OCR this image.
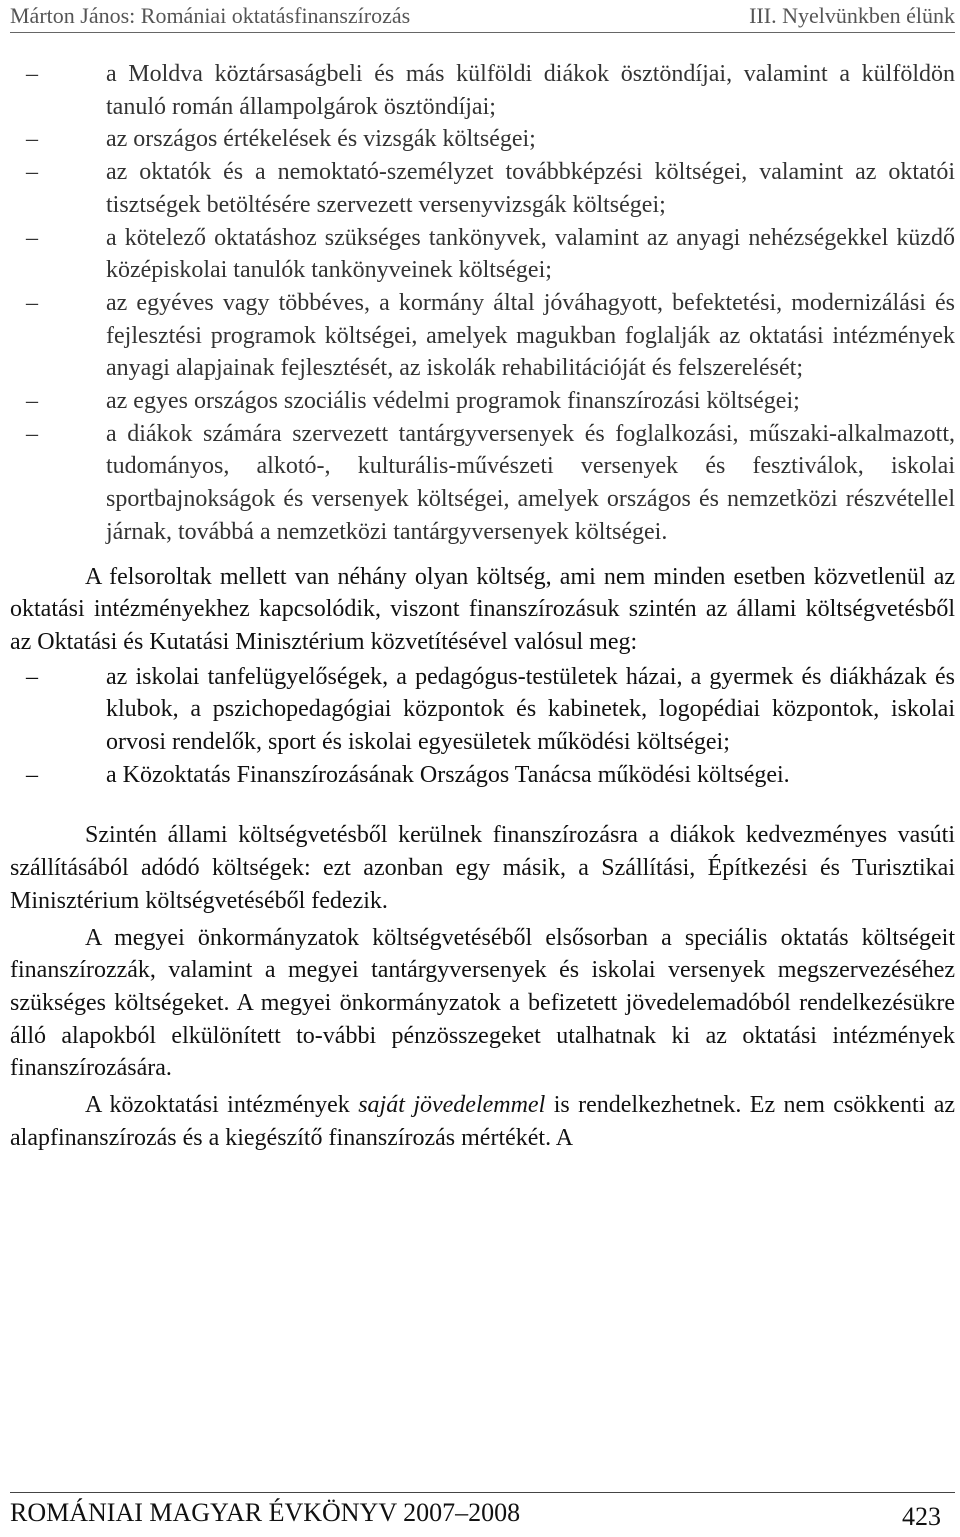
Márton János: Romániai oktatásfinanszírozás	III. Nyelvünkben élünk
–	a Moldva köztársaságbeli és más külföldi diákok ösztöndíjai, valamint a külföldön tanuló román állampolgárok ösztöndíjai;
–	az országos értékelések és vizsgák költségei;
–	az oktatók és a nemoktató-személyzet továbbképzési költségei, valamint az oktatói tisztségek betöltésére szervezett versenyvizsgák költségei;
–	a kötelező oktatáshoz szükséges tankönyvek, valamint az anyagi nehézségekkel küzdő középiskolai tanulók tankönyveinek költségei;
–	az egyéves vagy többéves, a kormány által jóváhagyott, befektetési, modernizálási és fejlesztési programok költségei, amelyek magukban foglalják az oktatási intézmények anyagi alapjainak fejlesztését, az iskolák rehabilitációját és felszerelését;
–	az egyes országos szociális védelmi programok finanszírozási költségei;
–	a diákok számára szervezett tantárgyversenyek és foglalkozási, műszaki-alkalmazott, tudományos, alkotó-, kulturális-művészeti versenyek és fesztiválok, iskolai sportbajnokságok és versenyek költségei, amelyek országos és nemzetközi részvétellel járnak, továbbá a nemzetközi tantárgyversenyek költségei.

A felsoroltak mellett van néhány olyan költség, ami nem minden esetben közvetlenül az oktatási intézményekhez kapcsolódik, viszont finanszírozásuk szintén az állami költségvetésből az Oktatási és Kutatási Minisztérium közvetítésével valósul meg:

–	az iskolai tanfelügyelőségek, a pedagógus-testületek házai, a gyermek és diákházak és klubok, a pszichopedagógiai központok és kabinetek, logopédiai központok, iskolai orvosi rendelők, sport és iskolai egyesületek működési költségei;
–	a Közoktatás Finanszírozásának Országos Tanácsa működési költségei.

Szintén állami költségvetésből kerülnek finanszírozásra a diákok kedvezményes vasúti szállításából adódó költségek: ezt azonban egy másik, a Szállítási, Építkezési és Turisztikai Minisztérium költségvetéséből fedezik.

A megyei önkormányzatok költségvetéséből elsősorban a speciális oktatás költségeit finanszírozzák, valamint a megyei tantárgyversenyek és iskolai versenyek megszervezéséhez szükséges költségeket. A megyei önkormányzatok a befizetett jövedelemadóból rendelkezésükre álló alapokból elkülönített to-vábbi pénzösszegeket utalhatnak ki az oktatási intézmények finanszírozására.

A közoktatási intézmények saját jövedelemmel is rendelkezhetnek. Ez nem csökkenti az alapfinanszírozás és a kiegészítő finanszírozás mértékét. A

ROMÁNIAI MAGYAR ÉVKÖNYV 2007–2008	423
